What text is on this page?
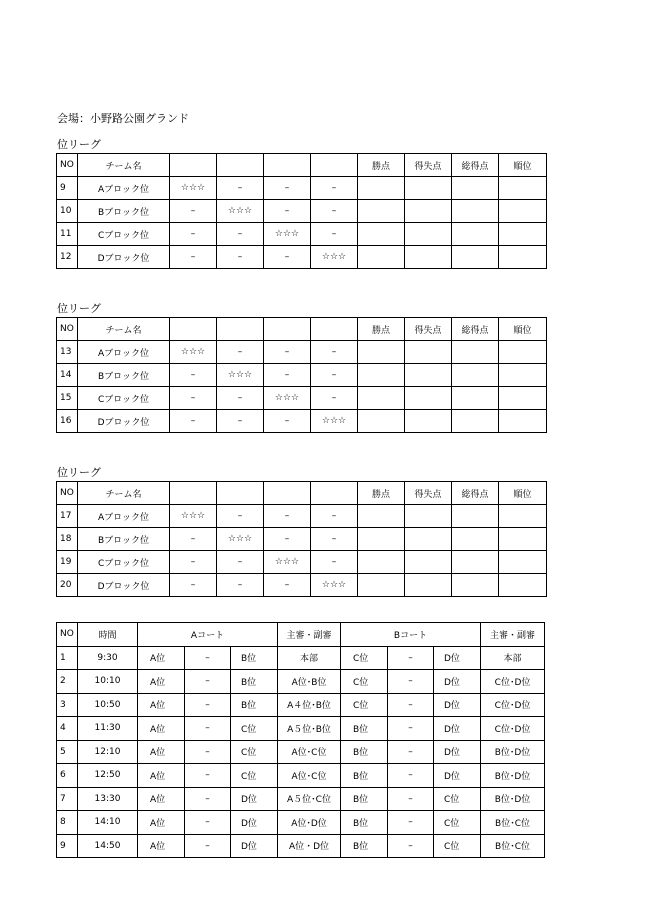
会場：小野路公園グランド
位リーグ
NO	チーム名					勝点	得失点	総得点	順位
9	Aブロック位	☆☆☆	–	–	–				
10	Bブロック位	–	☆☆☆	–	–				
11	Cブロック位	–	–	☆☆☆	–				
12	Dブロック位	–	–	–	☆☆☆				
位リーグ
NO	チーム名					勝点	得失点	総得点	順位
13	Aブロック位	☆☆☆	–	–	–				
14	Bブロック位	–	☆☆☆	–	–				
15	Cブロック位	–	–	☆☆☆	–				
16	Dブロック位	–	–	–	☆☆☆				
位リーグ
NO	チーム名					勝点	得失点	総得点	順位
17	Aブロック位	☆☆☆	–	–	–				
18	Bブロック位	–	☆☆☆	–	–				
19	Cブロック位	–	–	☆☆☆	–				
20	Dブロック位	–	–	–	☆☆☆				
NO	時間	Aコート			主審・副審	Bコート			主審・副審
1	9:30	A位	–	B位	本部	C位	–	D位	本部
2	10:10	A位	–	B位	A位･B位	C位	–	D位	C位･D位
3	10:50	A位	–	B位	A４位･B位	C位	–	D位	C位･D位
4	11:30	A位	–	C位	A５位･B位	B位	–	D位	C位･D位
5	12:10	A位	–	C位	A位･C位	B位	–	D位	B位･D位
6	12:50	A位	–	C位	A位･C位	B位	–	D位	B位･D位
7	13:30	A位	–	D位	A５位･C位	B位	–	C位	B位･D位
8	14:10	A位	–	D位	A位･D位	B位	–	C位	B位･C位
9	14:50	A位	–	D位	A位・D位	B位	–	C位	B位･C位
